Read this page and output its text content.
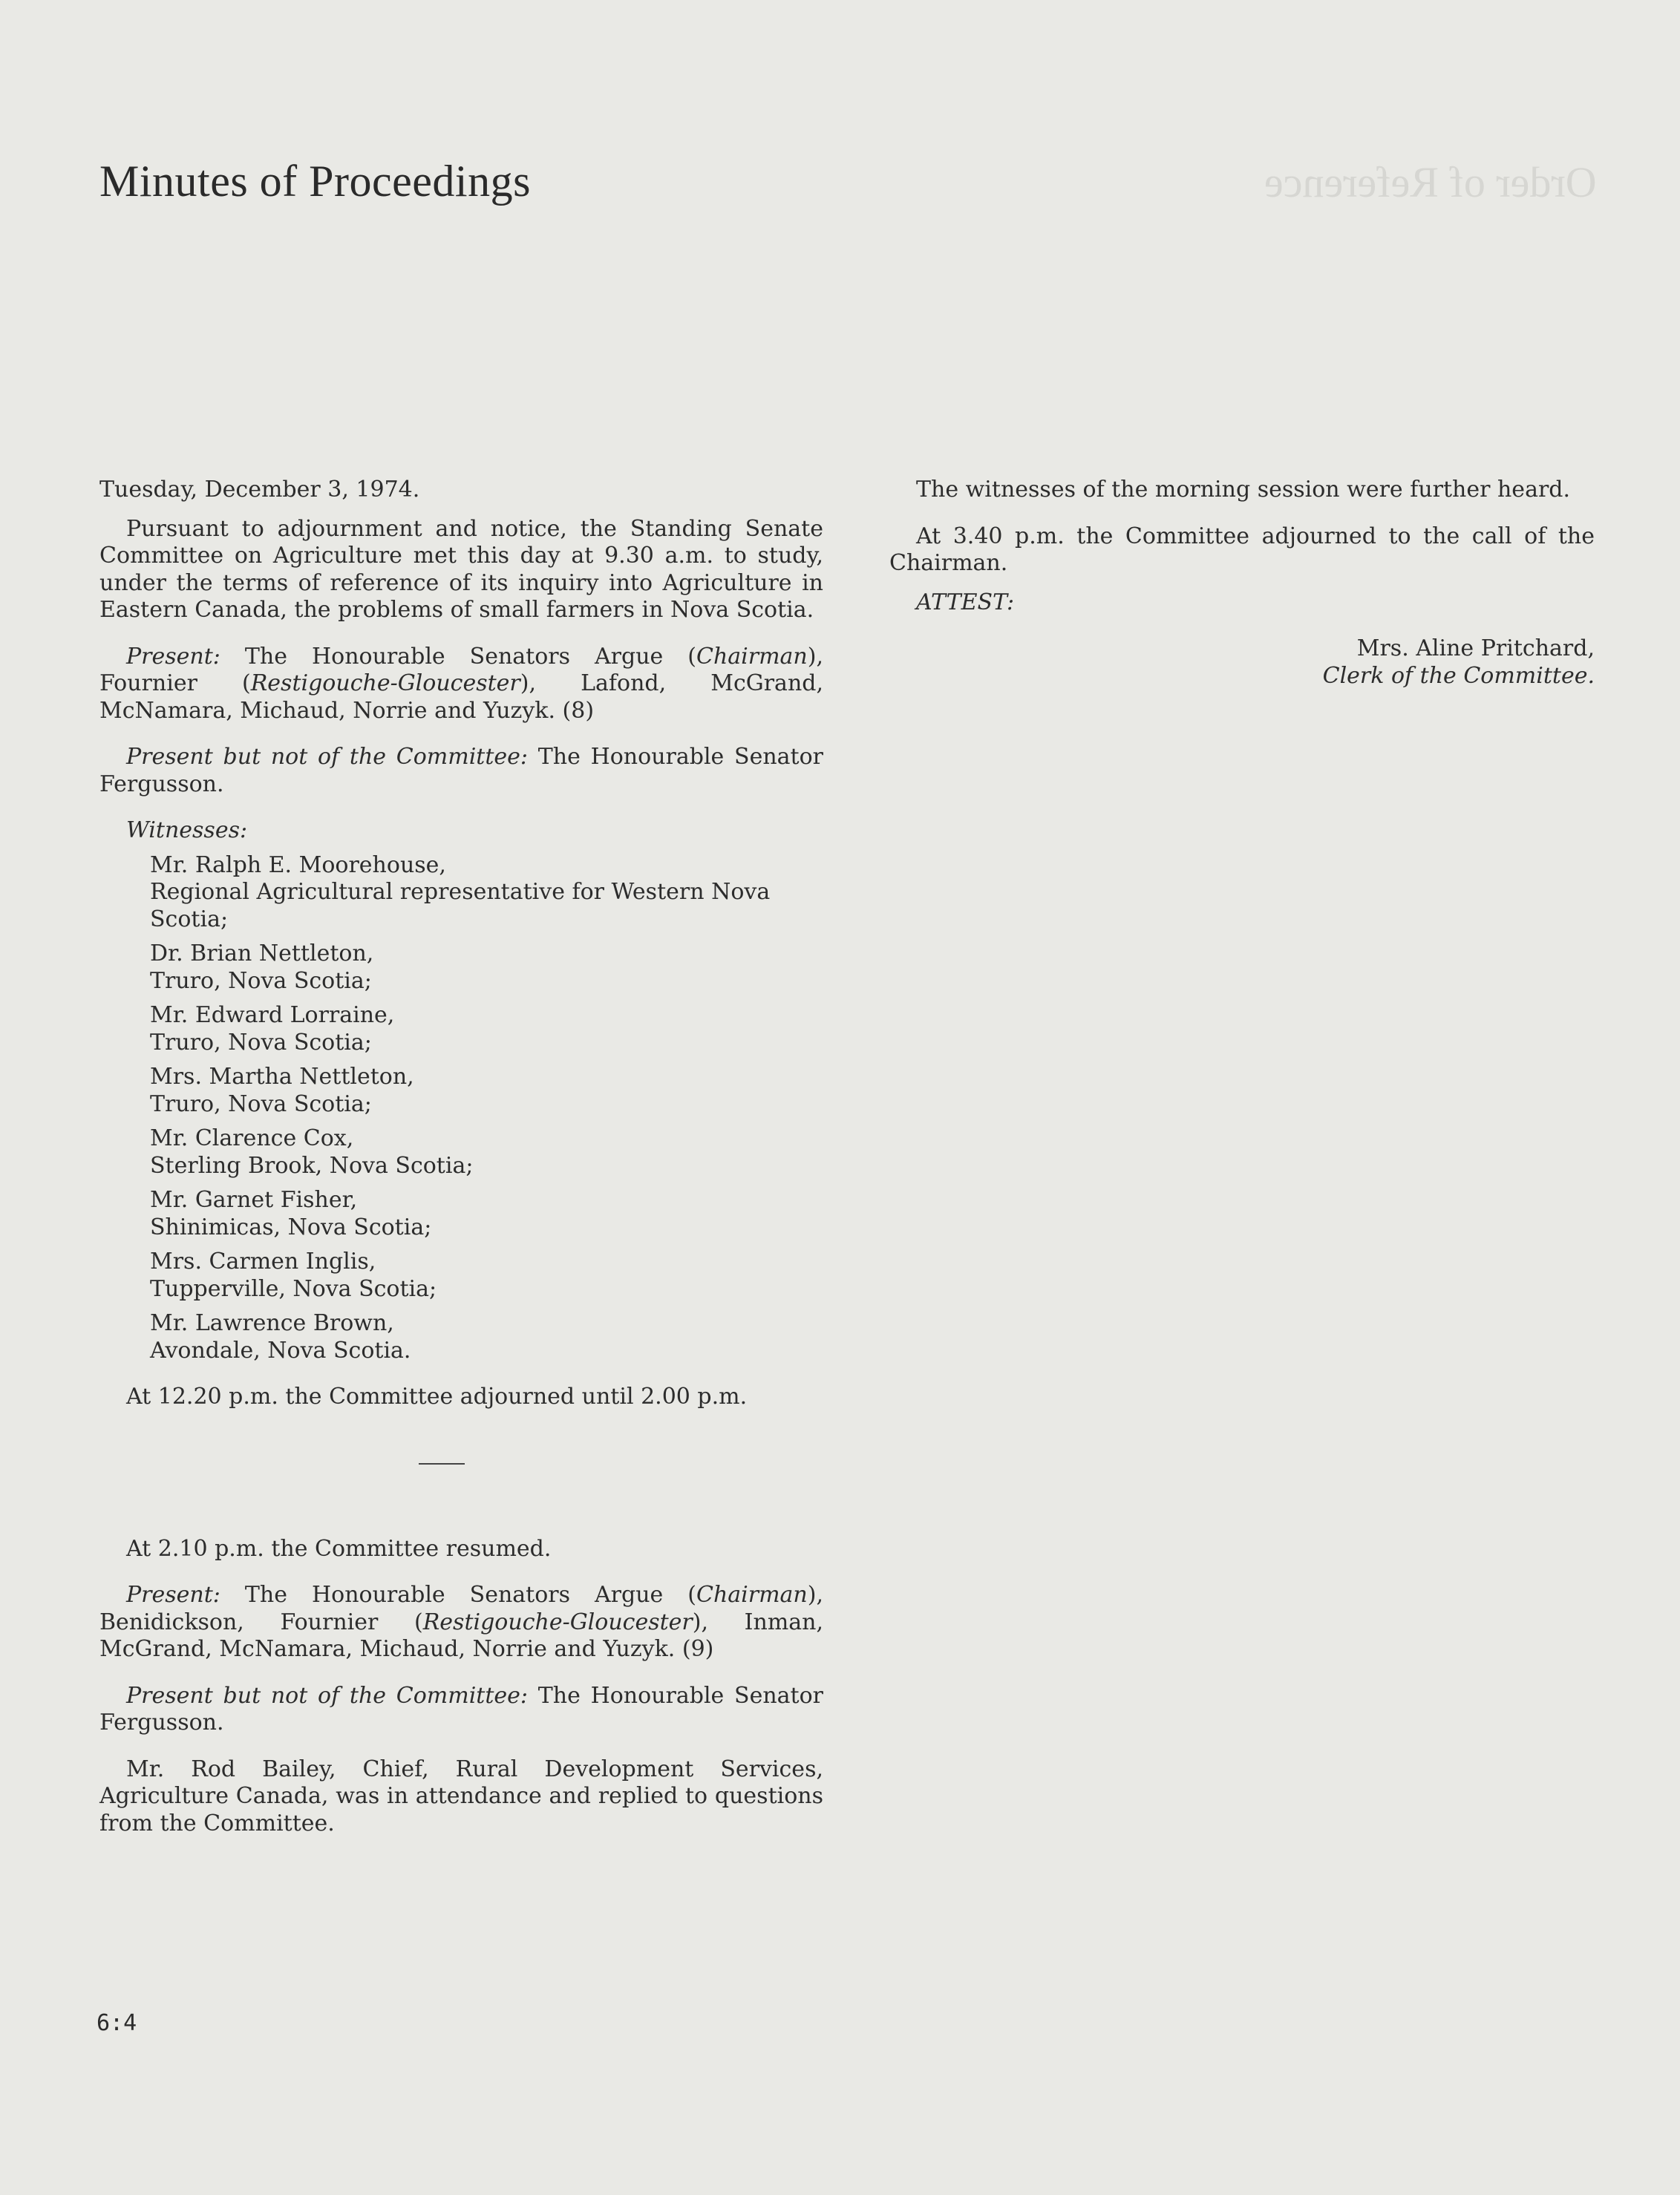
Order of Reference
Minutes of Proceedings

Tuesday, December 3, 1974.

Pursuant to adjournment and notice, the Standing Senate Committee on Agriculture met this day at 9.30 a.m. to study, under the terms of reference of its inquiry into Agriculture in Eastern Canada, the problems of small farmers in Nova Scotia.

Present: The Honourable Senators Argue (Chairman), Fournier (Restigouche-Gloucester), Lafond, McGrand, McNamara, Michaud, Norrie and Yuzyk. (8)

Present but not of the Committee: The Honourable Senator Fergusson.

Witnesses:

Mr. Ralph E. Moorehouse,
Regional Agricultural representative for Western Nova Scotia;
Dr. Brian Nettleton,
Truro, Nova Scotia;
Mr. Edward Lorraine,
Truro, Nova Scotia;
Mrs. Martha Nettleton,
Truro, Nova Scotia;
Mr. Clarence Cox,
Sterling Brook, Nova Scotia;
Mr. Garnet Fisher,
Shinimicas, Nova Scotia;
Mrs. Carmen Inglis,
Tupperville, Nova Scotia;
Mr. Lawrence Brown,
Avondale, Nova Scotia.

At 12.20 p.m. the Committee adjourned until 2.00 p.m.

At 2.10 p.m. the Committee resumed.

Present: The Honourable Senators Argue (Chairman), Benidickson, Fournier (Restigouche-Gloucester), Inman, McGrand, McNamara, Michaud, Norrie and Yuzyk. (9)

Present but not of the Committee: The Honourable Senator Fergusson.

Mr. Rod Bailey, Chief, Rural Development Services, Agriculture Canada, was in attendance and replied to questions from the Committee.

The witnesses of the morning session were further heard.

At 3.40 p.m. the Committee adjourned to the call of the Chairman.

ATTEST:

Mrs. Aline Pritchard,

Clerk of the Committee.

6:4
